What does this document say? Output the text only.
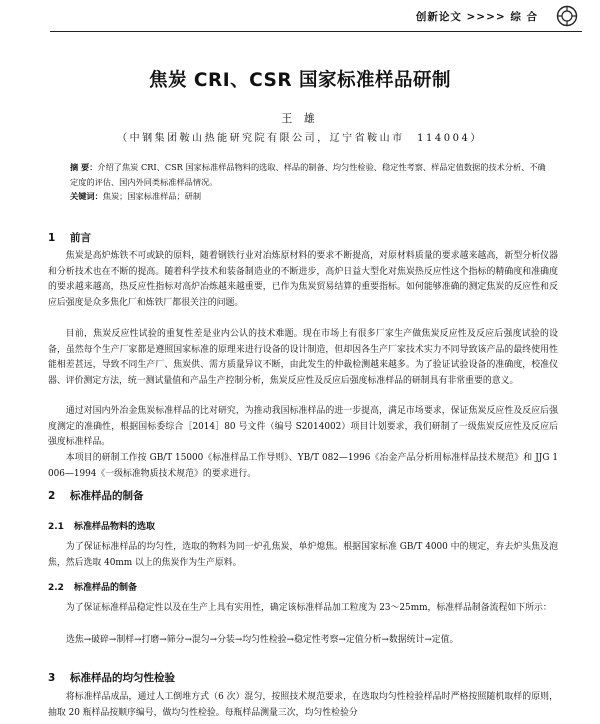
创新论文 >>>> 综 合
焦炭 CRI、CSR 国家标准样品研制
王 雄
（中钢集团鞍山热能研究院有限公司，辽宁省鞍山市　114004）
摘 要：介绍了焦炭 CRI、CSR 国家标准样品物料的选取、样品的制备、均匀性检验、稳定性考察、样品定值数据的技术分析、不确定度的评估、国内外同类标准样品情况。
关键词：焦炭；国家标准样品；研制
1 前言

焦炭是高炉炼铁不可或缺的原料，随着钢铁行业对冶炼原材料的要求不断提高，对原材料质量的要求越来越高，新型分析仪器和分析技术也在不断的提高。随着科学技术和装备制造业的不断进步，高炉日益大型化对焦炭热反应性这个指标的精确度和准确度的要求越来越高，热反应性指标对高炉冶炼越来越重要，已作为焦炭贸易结算的重要指标。如何能够准确的测定焦炭的反应性和反应后强度是众多焦化厂和炼铁厂都很关注的问题。

目前，焦炭反应性试验的重复性差是业内公认的技术难题。现在市场上有很多厂家生产做焦炭反应性及反应后强度试验的设备，虽然每个生产厂家都是遵照国家标准的原理来进行设备的设计制造，但却因各生产厂家技术实力不同导致该产品的最终使用性能相差甚远，导致不同生产厂、焦炭供、需方质量异议不断，由此发生的仲裁检测越来越多。为了验证试验设备的准确度，校准仪器、评价测定方法，统一测试量值和产品生产控制分析，焦炭反应性及反应后强度标准样品的研制具有非常重要的意义。

通过对国内外冶金焦炭标准样品的比对研究，为推动我国标准样品的进一步提高，满足市场要求，保证焦炭反应性及反应后强度测定的准确性，根据国标委综合［2014］80 号文件（编号 S2014002）项目计划要求，我们研制了一级焦炭反应性及反应后强度标准样品。

本项目的研制工作按 GB/T 15000《标准样品工作导则》、YB/T 082—1996《冶金产品分析用标准样品技术规范》和 JJG 1006—1994《一级标准物质技术规范》的要求进行。

2 标准样品的制备
2.1 标准样品物料的选取

为了保证标准样品的均匀性，选取的物料为同一炉孔焦炭，单炉熄焦。根据国家标准 GB/T 4000 中的规定，弃去炉头焦及泡焦，然后选取 40mm 以上的焦炭作为生产原料。

2.2 标准样品的制备

为了保证标准样品稳定性以及在生产上具有实用性，确定该标准样品加工粒度为 23～25mm，标准样品制备流程如下所示：

选焦→破碎→制样→打磨→筛分→混匀→分装→均匀性检验→稳定性考察→定值分析→数据统计→定值。

3 标准样品的均匀性检验

将标准样品成品，通过人工倒堆方式（6 次）混匀，按照技术规范要求，在选取均匀性检验样品时严格按照随机取样的原则，抽取 20 瓶样品按顺序编号，做均匀性检验。每瓶样品测量三次，均匀性检验分
